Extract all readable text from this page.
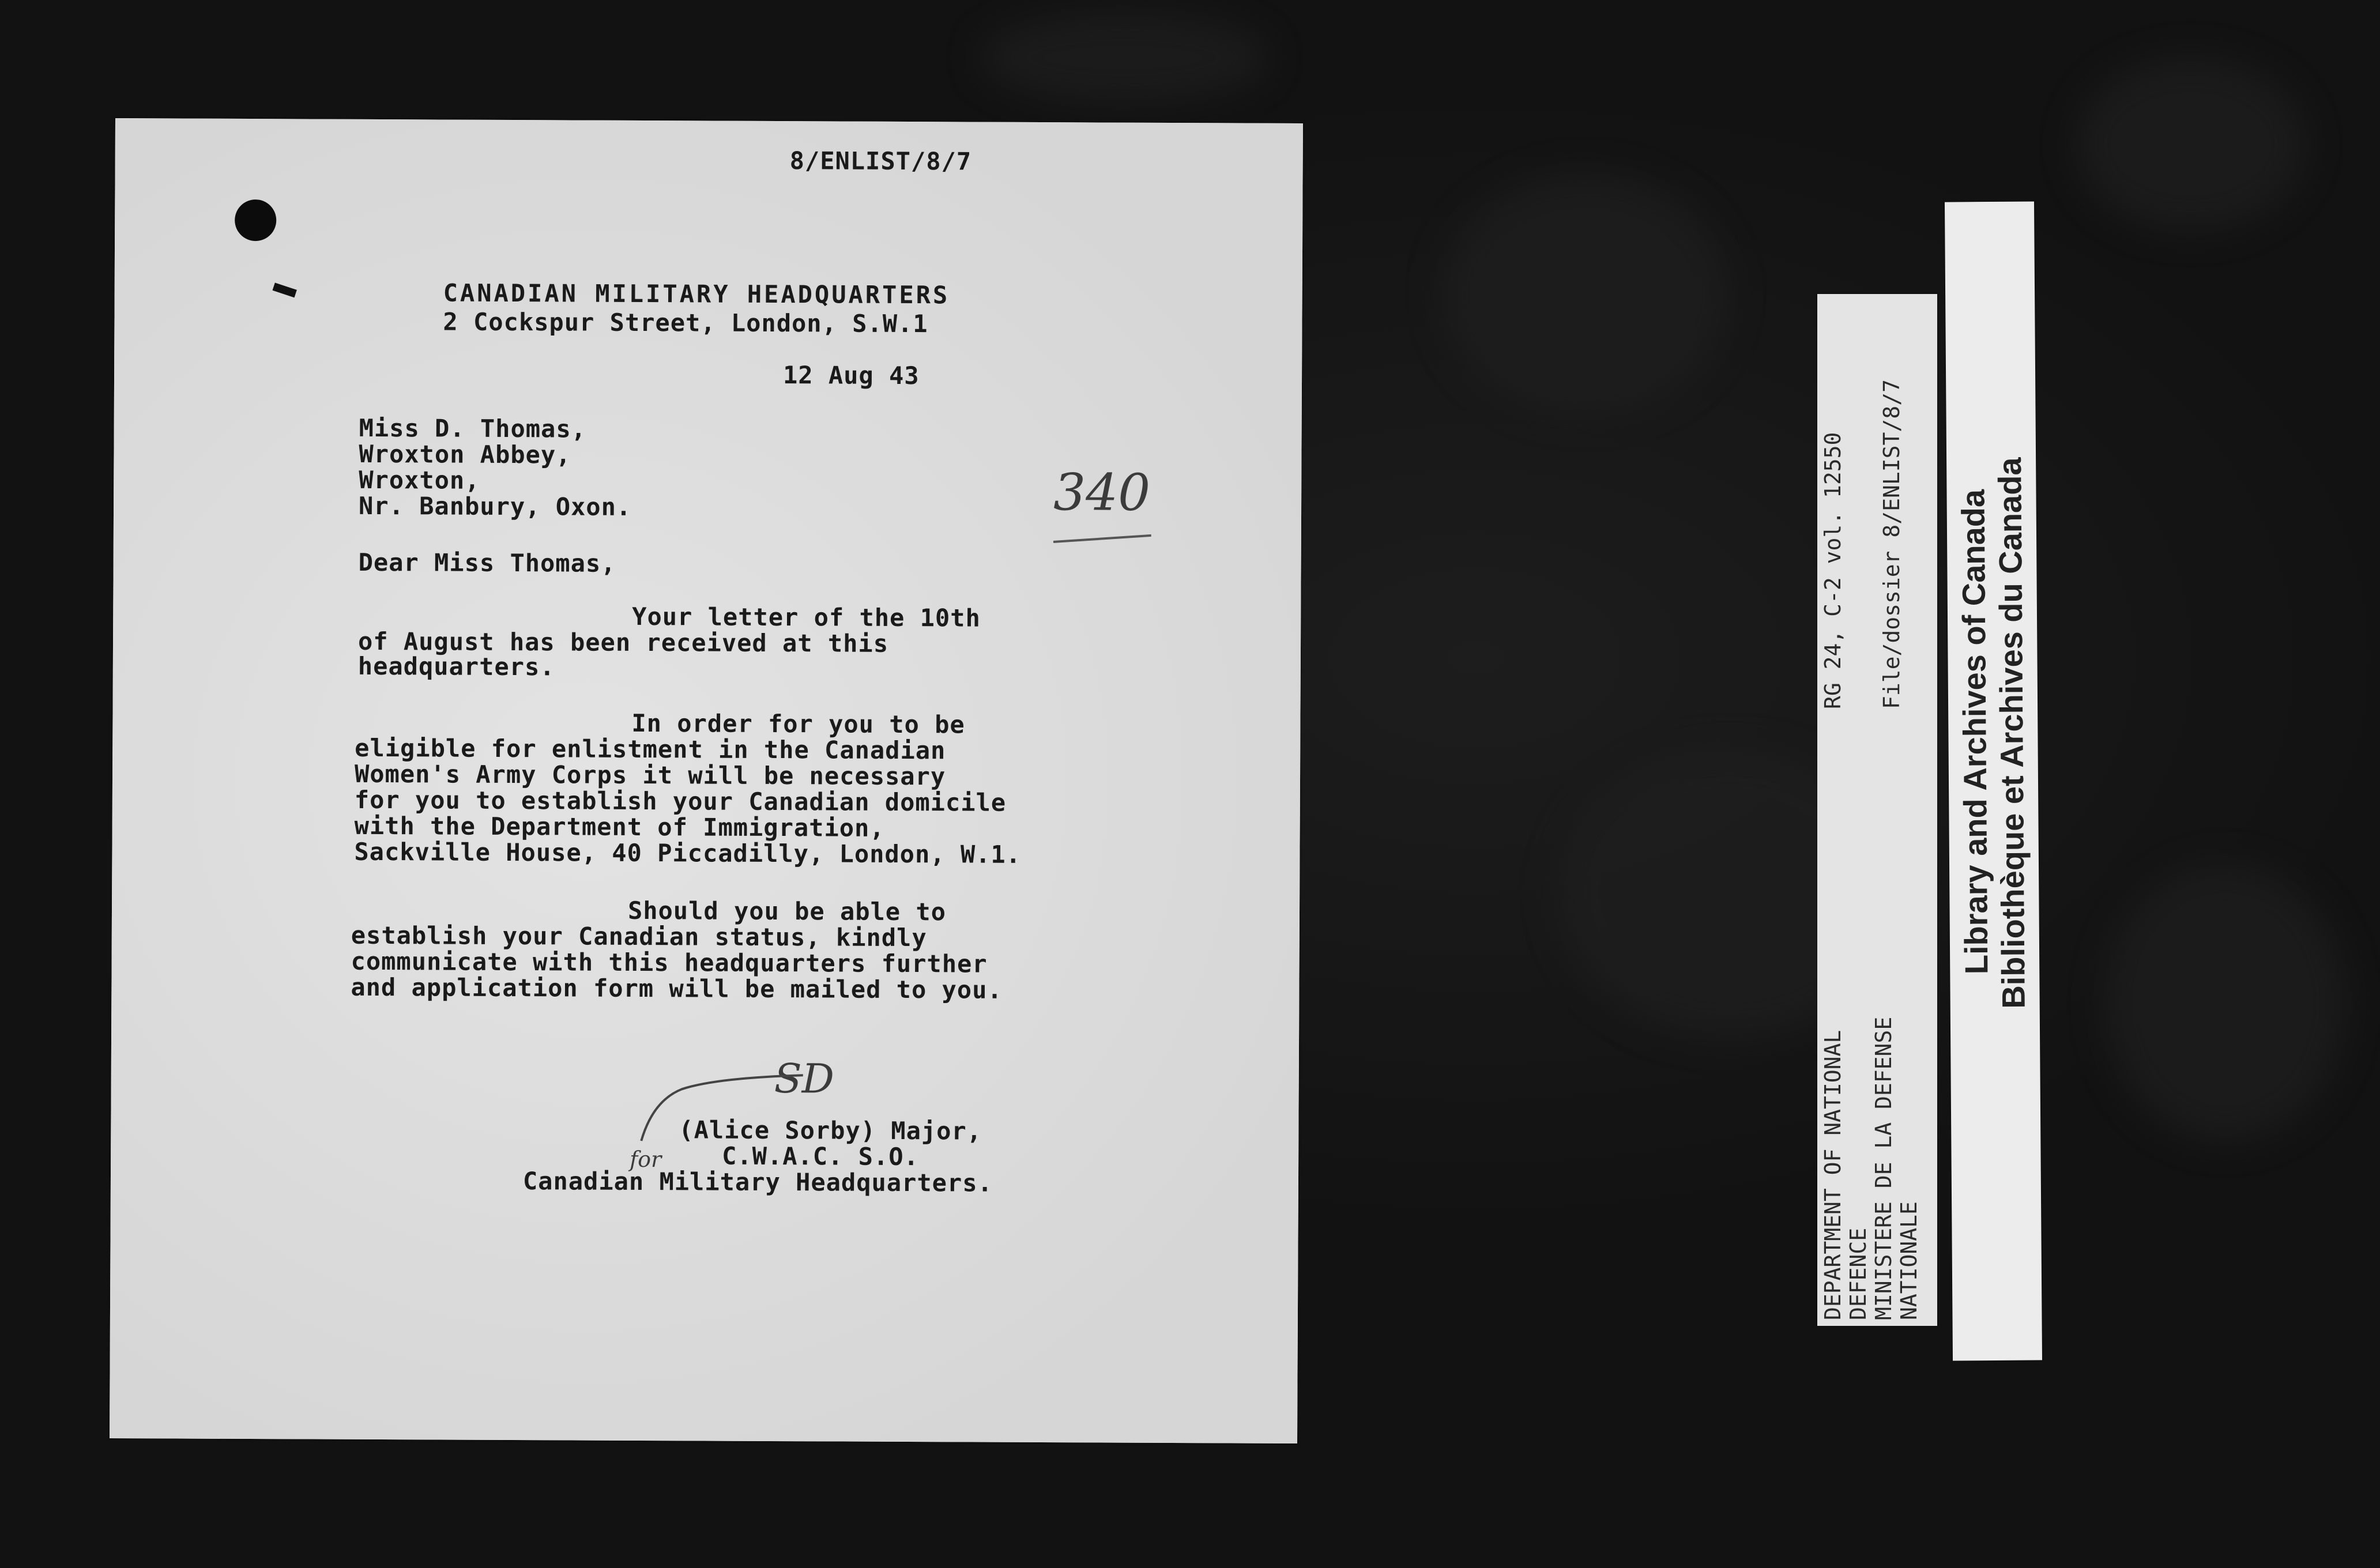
8/ENLIST/8/7
CANADIAN MILITARY HEADQUARTERS
2 Cockspur Street, London, S.W.1
12 Aug 43
Miss D. Thomas,
Wroxton Abbey,
Wroxton,
Nr. Banbury, Oxon.	340
Dear Miss Thomas,
Your letter of the 10th
of August has been received at this
headquarters.
In order for you to be
eligible for enlistment in the Canadian
Women's Army Corps it will be necessary
for you to establish your Canadian domicile
with the Department of Immigration,
Sackville House, 40 Piccadilly, London, W.1.
Should you be able to
establish your Canadian status, kindly
communicate with this headquarters further
and application form will be mailed to you.
SD
for
(Alice Sorby) Major,
C.W.A.C. S.O.
Canadian Military Headquarters.	DEPARTMENT OF NATIONAL DEFENCE MINISTERE DE LA DEFENSE NATIONALE
RG 24, C-2 vol. 12550 File/dossier 8/ENLIST/8/7 Library and Archives of Canada
Bibliothèque et Archives du Canada
